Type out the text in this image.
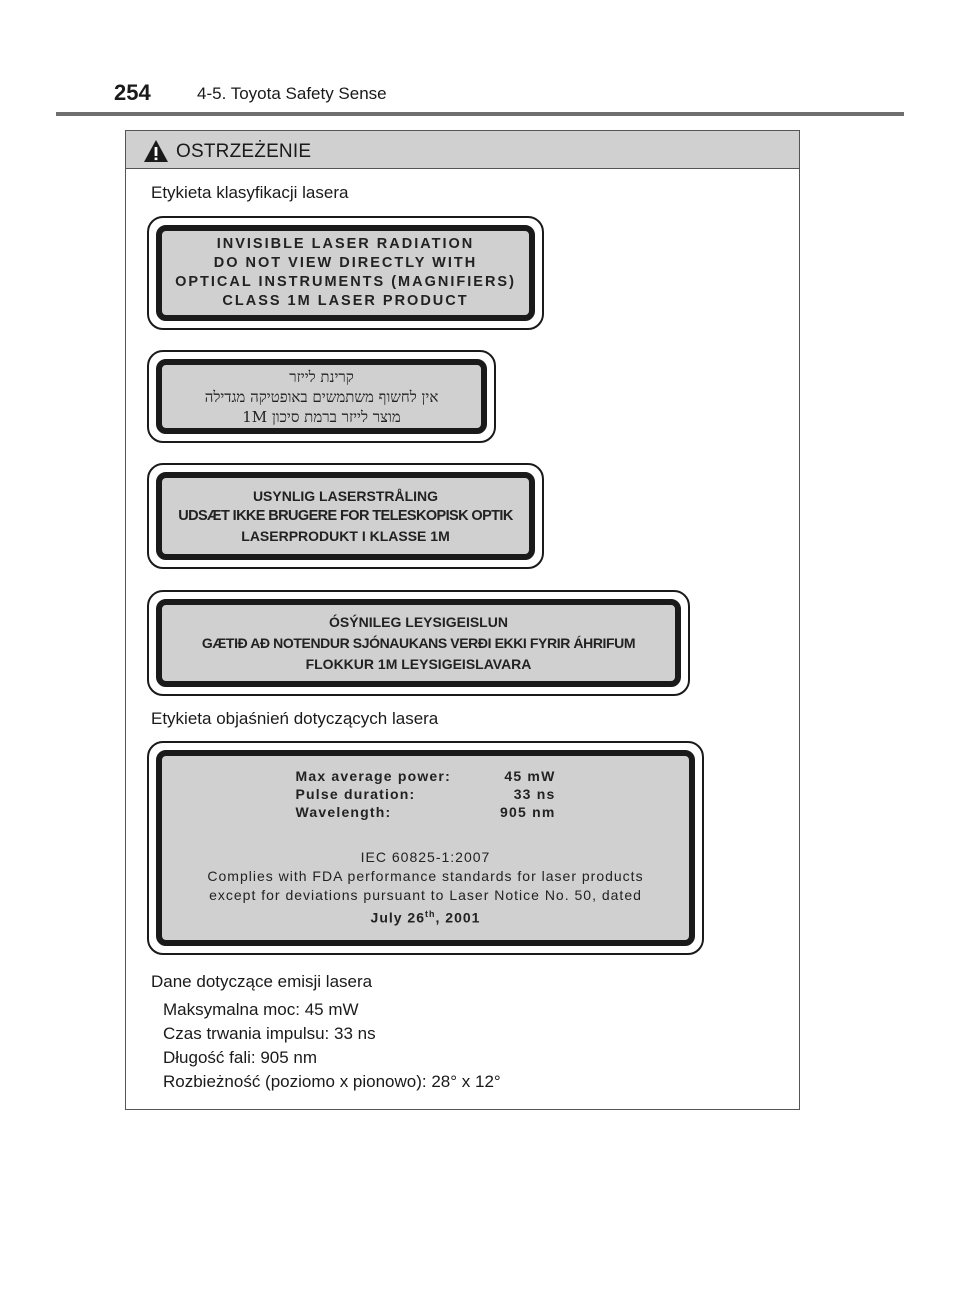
254	4-5. Toyota Safety Sense
OSTRZEŻENIE
Etykieta klasyfikacji lasera
INVISIBLE LASER RADIATION
DO NOT VIEW DIRECTLY WITH
OPTICAL INSTRUMENTS (MAGNIFIERS)
CLASS 1M LASER PRODUCT
קרינת לייזר
אין לחשוף משתמשים באופטיקה מגדילה
מוצר לייזר ברמת סיכון 1M
USYNLIG LASERSTRÅLING
UDSÆT IKKE BRUGERE FOR TELESKOPISK OPTIK
LASERPRODUKT I KLASSE 1M
ÓSÝNILEG LEYSIGEISLUN
GÆTIÐ AÐ NOTENDUR SJÓNAUKANS VERÐI EKKI FYRIR ÁHRIFUM
FLOKKUR 1M LEYSIGEISLAVARA
Etykieta objaśnień dotyczących lasera
Max average power:	45 mW
Pulse duration:	33 ns
Wavelength:	905 nm
IEC 60825-1:2007
Complies with FDA performance standards for laser products
except for deviations pursuant to Laser Notice No. 50, dated
July 26th, 2001
Dane dotyczące emisji lasera
Maksymalna moc: 45 mW
Czas trwania impulsu: 33 ns
Długość fali: 905 nm
Rozbieżność (poziomo x pionowo): 28° x 12°
